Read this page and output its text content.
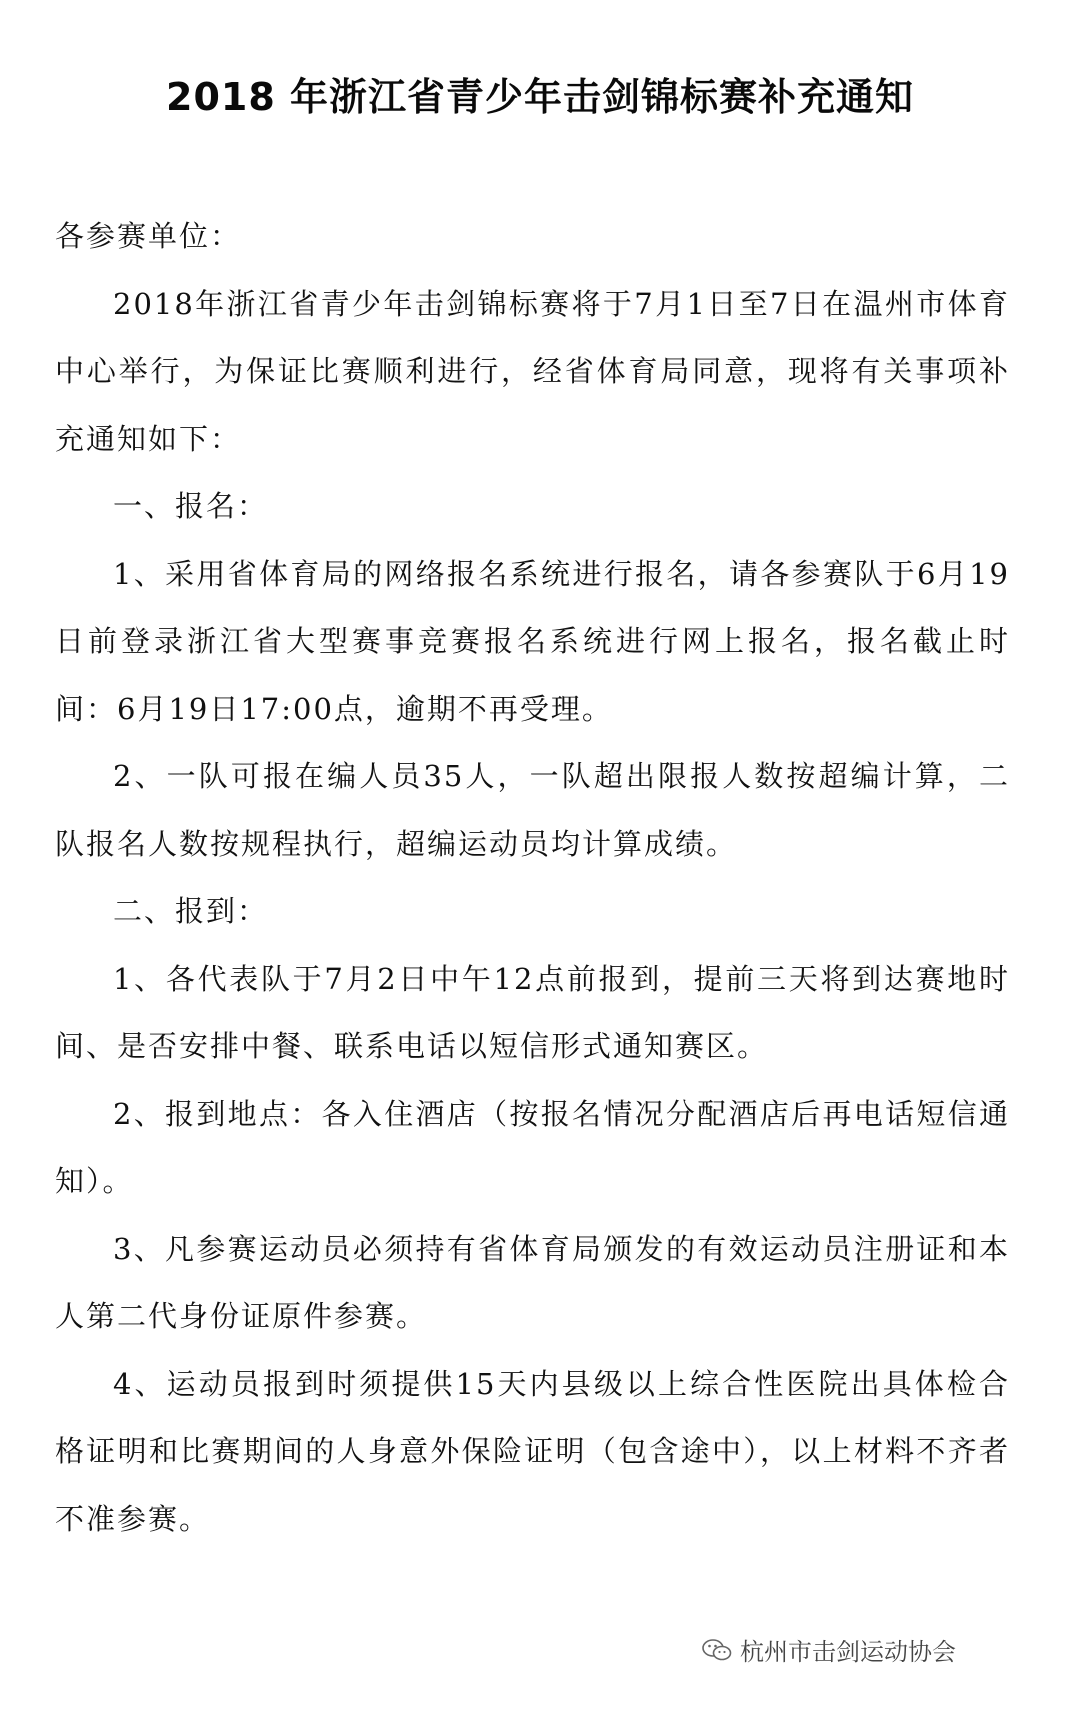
2018 年浙江省青少年击剑锦标赛补充通知

各参赛单位：

2018年浙江省青少年击剑锦标赛将于7月1日至7日在温州市体育中心举行，为保证比赛顺利进行，经省体育局同意，现将有关事项补充通知如下：

一、报名：

1、采用省体育局的网络报名系统进行报名，请各参赛队于6月19日前登录浙江省大型赛事竞赛报名系统进行网上报名，报名截止时间：6月19日17:00点，逾期不再受理。

2、一队可报在编人员35人，一队超出限报人数按超编计算，二队报名人数按规程执行，超编运动员均计算成绩。

二、报到：

1、各代表队于7月2日中午12点前报到，提前三天将到达赛地时间、是否安排中餐、联系电话以短信形式通知赛区。

2、报到地点：各入住酒店（按报名情况分配酒店后再电话短信通知）。

3、凡参赛运动员必须持有省体育局颁发的有效运动员注册证和本人第二代身份证原件参赛。

4、运动员报到时须提供15天内县级以上综合性医院出具体检合格证明和比赛期间的人身意外保险证明（包含途中），以上材料不齐者不准参赛。

杭州市击剑运动协会
